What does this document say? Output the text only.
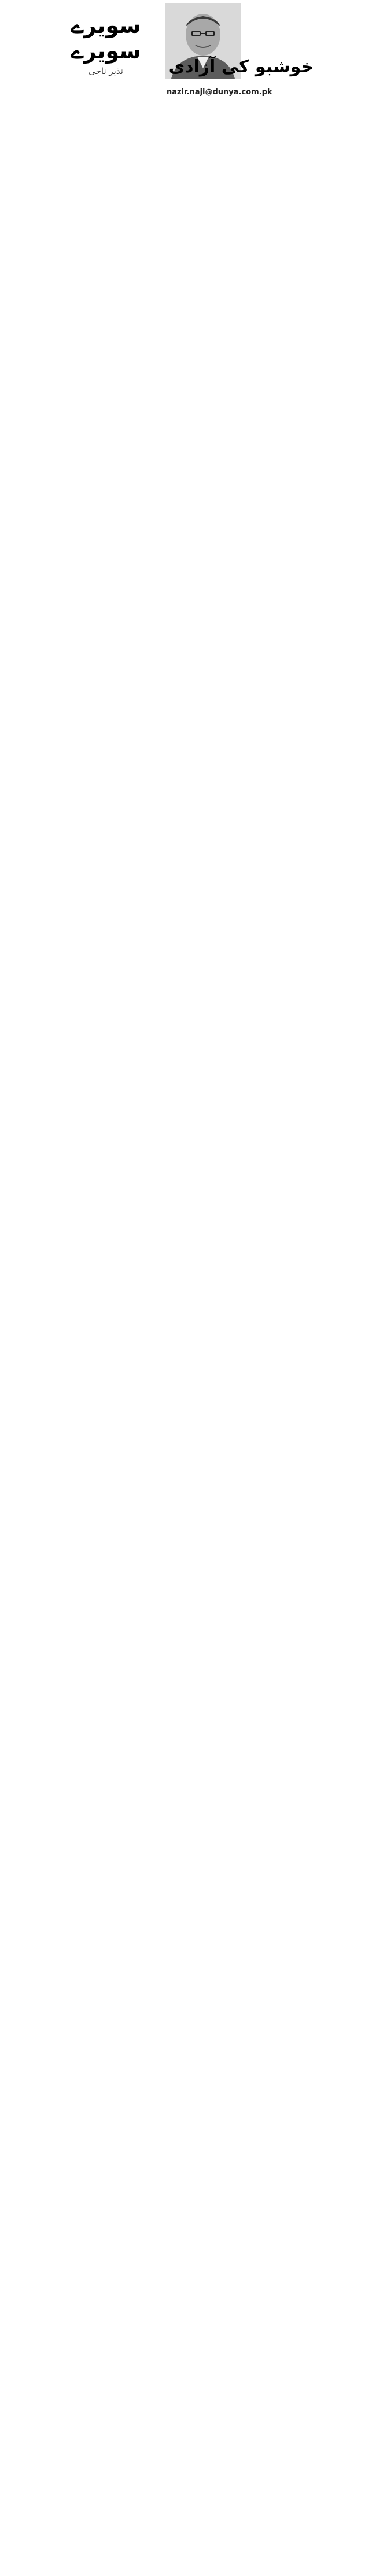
سویرے سویرے
نذیر ناجی
nazir.naji@dunya.com.pk
خوشبو کی آزادی
